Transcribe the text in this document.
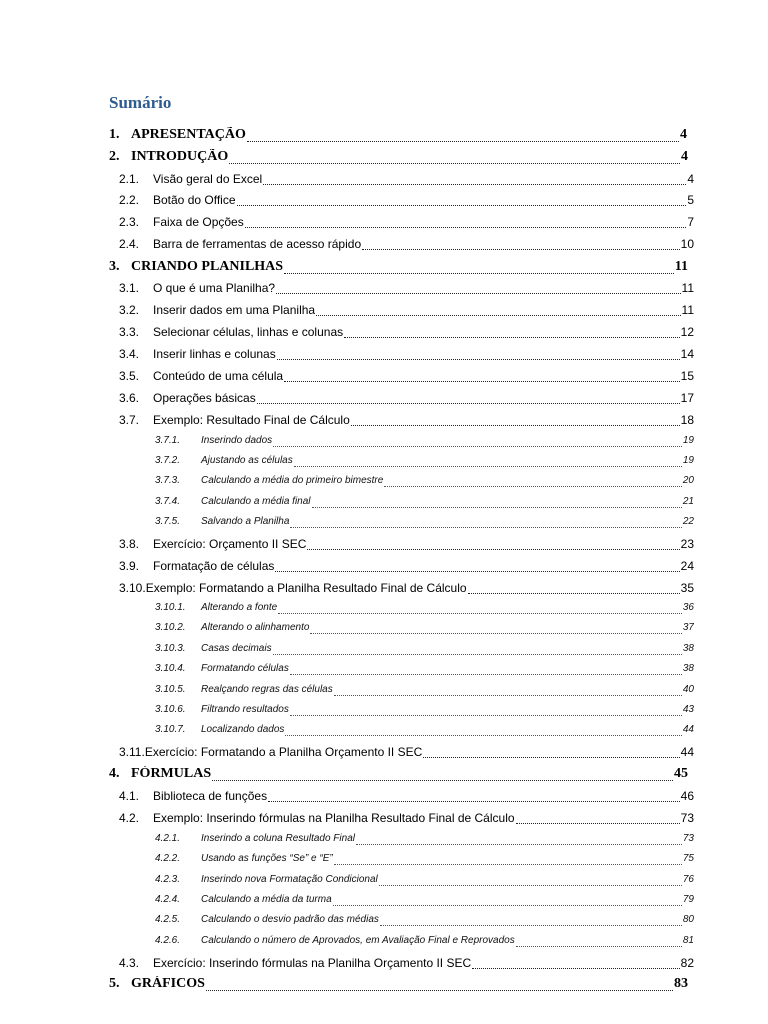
Sumário
1. APRESENTAÇÃO	4
2. INTRODUÇÃO	4
2.1.	Visão geral do Excel	4
2.2.	Botão do Office	5
2.3.	Faixa de Opções	7
2.4.	Barra de ferramentas de acesso rápido	10
3. CRIANDO PLANILHAS	11
3.1.	O que é uma Planilha?	11
3.2.	Inserir dados em uma Planilha	11
3.3.	Selecionar células, linhas e colunas	12
3.4.	Inserir linhas e colunas	14
3.5.	Conteúdo de uma célula	15
3.6.	Operações básicas	17
3.7.	Exemplo: Resultado Final de Cálculo	18
3.7.1.	Inserindo dados	19
3.7.2.	Ajustando as células	19
3.7.3.	Calculando a média do primeiro bimestre	20
3.7.4.	Calculando a média final	21
3.7.5.	Salvando a Planilha	22
3.8.	Exercício: Orçamento II SEC	23
3.9.	Formatação de células	24
3.10. Exemplo: Formatando a Planilha Resultado Final de Cálculo	35
3.10.1.	Alterando a fonte	36
3.10.2.	Alterando o alinhamento	37
3.10.3.	Casas decimais	38
3.10.4.	Formatando células	38
3.10.5.	Realçando regras das células	40
3.10.6.	Filtrando resultados	43
3.10.7.	Localizando dados	44
3.11. Exercício: Formatando a Planilha Orçamento II SEC	44
4. FÓRMULAS	45
4.1.	Biblioteca de funções	46
4.2.	Exemplo: Inserindo fórmulas na Planilha Resultado Final de Cálculo	73
4.2.1.	Inserindo a coluna Resultado Final	73
4.2.2.	Usando as funções “Se” e “E”	75
4.2.3.	Inserindo nova Formatação Condicional	76
4.2.4.	Calculando a média da turma	79
4.2.5.	Calculando o desvio padrão das médias	80
4.2.6.	Calculando o número de Aprovados, em Avaliação Final e Reprovados	81
4.3.	Exercício: Inserindo fórmulas na Planilha Orçamento II SEC	82
5. GRÁFICOS	83
